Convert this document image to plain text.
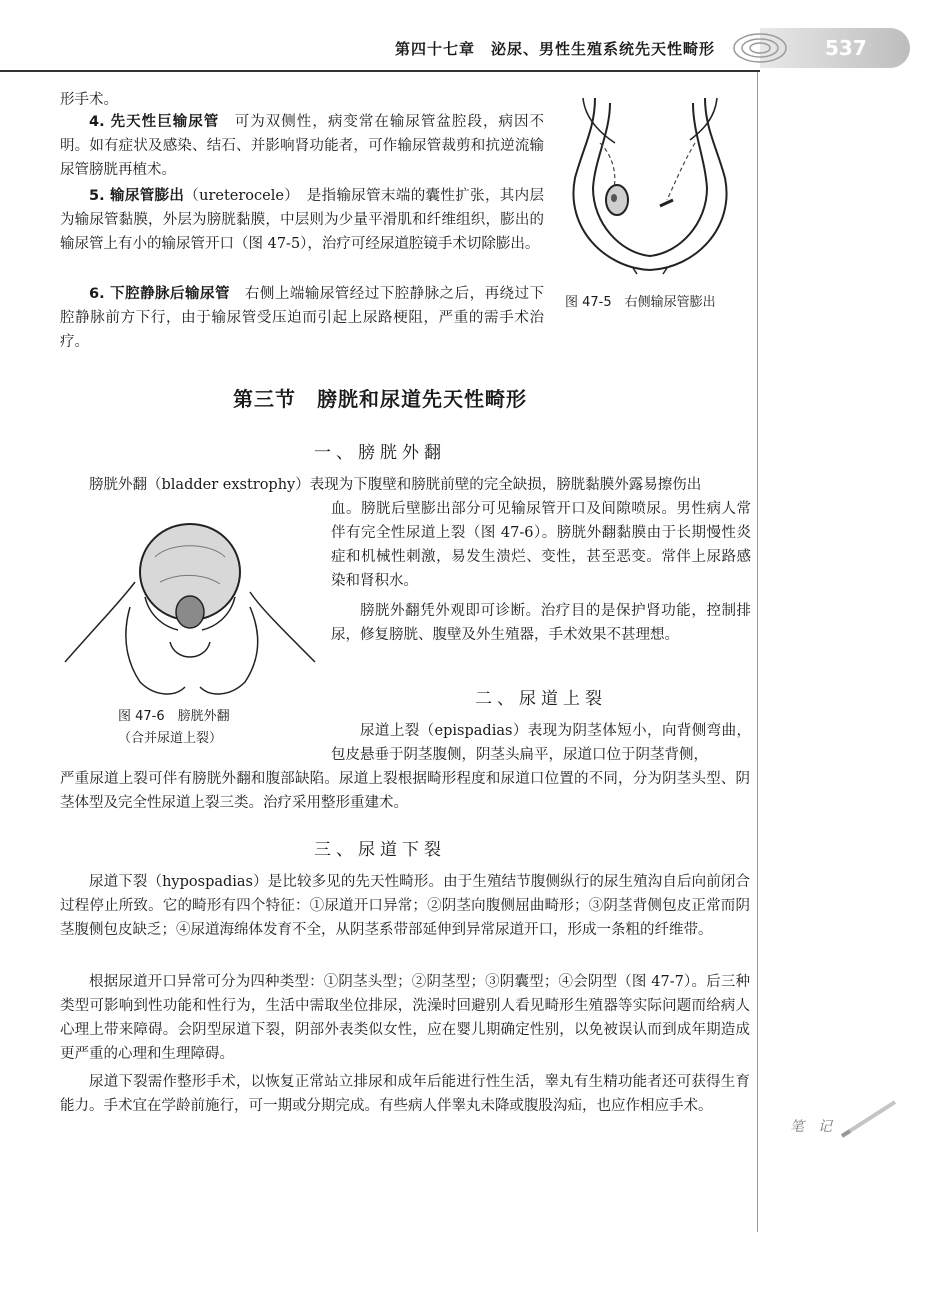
第四十七章　泌尿、男性生殖系统先天性畸形	537

形手术。

4. 先天性巨输尿管　可为双侧性，病变常在输尿管盆腔段，病因不明。如有症状及感染、结石、并影响肾功能者，可作输尿管裁剪和抗逆流输尿管膀胱再植术。

5. 输尿管膨出（ureterocele）　是指输尿管末端的囊性扩张，其内层为输尿管黏膜，外层为膀胱黏膜，中层则为少量平滑肌和纤维组织，膨出的输尿管上有小的输尿管开口（图 47-5），治疗可经尿道腔镜手术切除膨出。

6. 下腔静脉后输尿管　右侧上端输尿管经过下腔静脉之后，再绕过下腔静脉前方下行，由于输尿管受压迫而引起上尿路梗阻，严重的需手术治疗。

图 47-5　右侧输尿管膨出
第三节　膀胱和尿道先天性畸形
一、膀胱外翻

膀胱外翻（bladder exstrophy）表现为下腹壁和膀胱前壁的完全缺损，膀胱黏膜外露易擦伤出

血。膀胱后壁膨出部分可见输尿管开口及间隙喷尿。男性病人常伴有完全性尿道上裂（图 47-6）。膀胱外翻黏膜由于长期慢性炎症和机械性刺激，易发生溃烂、变性，甚至恶变。常伴上尿路感染和肾积水。

膀胱外翻凭外观即可诊断。治疗目的是保护肾功能，控制排尿，修复膀胱、腹壁及外生殖器，手术效果不甚理想。

图 47-6　膀胱外翻
（合并尿道上裂）
二、尿道上裂

尿道上裂（epispadias）表现为阴茎体短小，向背侧弯曲，包皮悬垂于阴茎腹侧，阴茎头扁平，尿道口位于阴茎背侧，

严重尿道上裂可伴有膀胱外翻和腹部缺陷。尿道上裂根据畸形程度和尿道口位置的不同，分为阴茎头型、阴茎体型及完全性尿道上裂三类。治疗采用整形重建术。

三、尿道下裂

尿道下裂（hypospadias）是比较多见的先天性畸形。由于生殖结节腹侧纵行的尿生殖沟自后向前闭合过程停止所致。它的畸形有四个特征：①尿道开口异常；②阴茎向腹侧屈曲畸形；③阴茎背侧包皮正常而阴茎腹侧包皮缺乏；④尿道海绵体发育不全，从阴茎系带部延伸到异常尿道开口，形成一条粗的纤维带。

根据尿道开口异常可分为四种类型：①阴茎头型；②阴茎型；③阴囊型；④会阴型（图 47-7）。后三种类型可影响到性功能和性行为，生活中需取坐位排尿，洗澡时回避别人看见畸形生殖器等实际问题而给病人心理上带来障碍。会阴型尿道下裂，阴部外表类似女性，应在婴儿期确定性别，以免被误认而到成年期造成更严重的心理和生理障碍。

尿道下裂需作整形手术，以恢复正常站立排尿和成年后能进行性生活，睾丸有生精功能者还可获得生育能力。手术宜在学龄前施行，可一期或分期完成。有些病人伴睾丸未降或腹股沟疝，也应作相应手术。

笔　记
